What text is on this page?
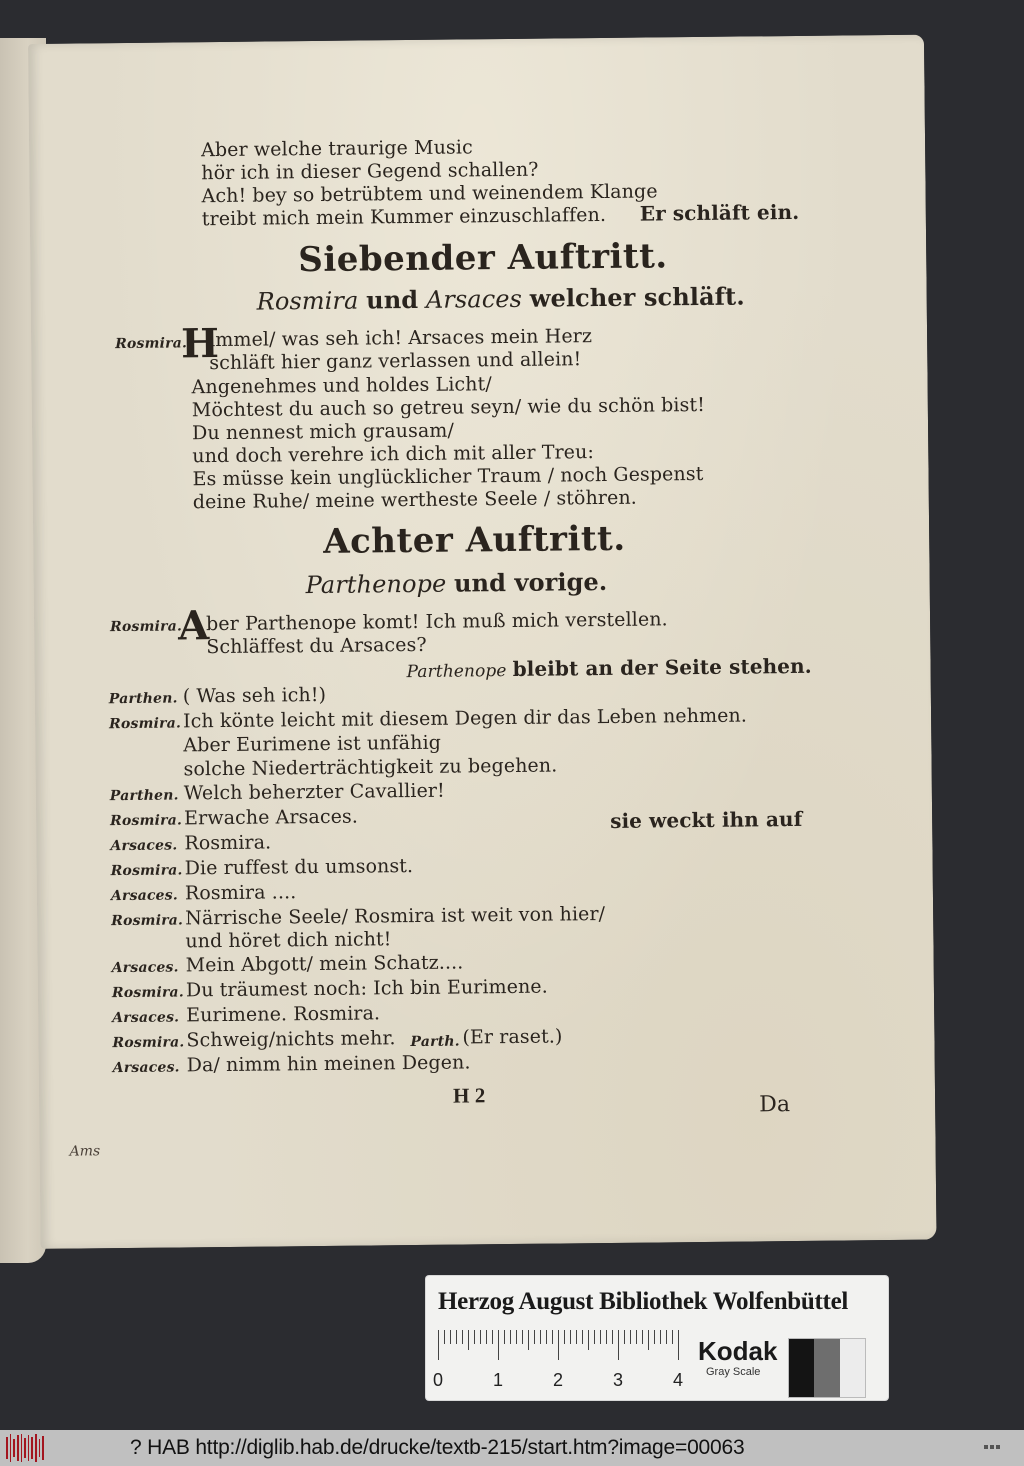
Ams
Aber welche traurige Music
hör ich in dieser Gegend schallen?
Ach! bey so betrübtem und weinendem Klange
treibt mich mein Kummer einzuschlaffen. Er schläft ein.
Siebender Auftritt.
Rosmira und Arsaces welcher schläft.
Rosmira.
H
immel/ was seh ich! Arsaces mein Herz
schläft hier ganz verlassen und allein!
Angenehmes und holdes Licht/
Möchtest du auch so getreu seyn/ wie du schön bist!
Du nennest mich grausam/
und doch verehre ich dich mit aller Treu:
Es müsse kein unglücklicher Traum / noch Gespenst
deine Ruhe/ meine wertheste Seele / stöhren.
Achter Auftritt.
Parthenope und vorige.
Rosmira.
A
ber Parthenope komt! Ich muß mich verstellen.
Schläffest du Arsaces?
Parthenope bleibt an der Seite stehen.
Parthen. ( Was seh ich!)
Rosmira. Ich könte leicht mit diesem Degen dir das Leben nehmen.
Aber Eurimene ist unfähig
solche Niederträchtigkeit zu begehen.
Parthen. Welch beherzter Cavallier!
Rosmira. Erwache Arsaces.	sie weckt ihn auf
Arsaces. Rosmira.
Rosmira. Die ruffest du umsonst.
Arsaces. Rosmira ....
Rosmira. Närrische Seele/ Rosmira ist weit von hier/
und höret dich nicht!
Arsaces. Mein Abgott/ mein Schatz....
Rosmira. Du träumest noch: Ich bin Eurimene.
Arsaces. Eurimene. Rosmira.
Rosmira. Schweig/nichts mehr. Parth. (Er raset.)
Arsaces. Da/ nimm hin meinen Degen.
H 2	Da
Herzog August Bibliothek Wolfenbüttel
0	1	2	3	4
Kodak
Gray Scale
? HAB http://diglib.hab.de/drucke/textb-215/start.htm?image=00063
